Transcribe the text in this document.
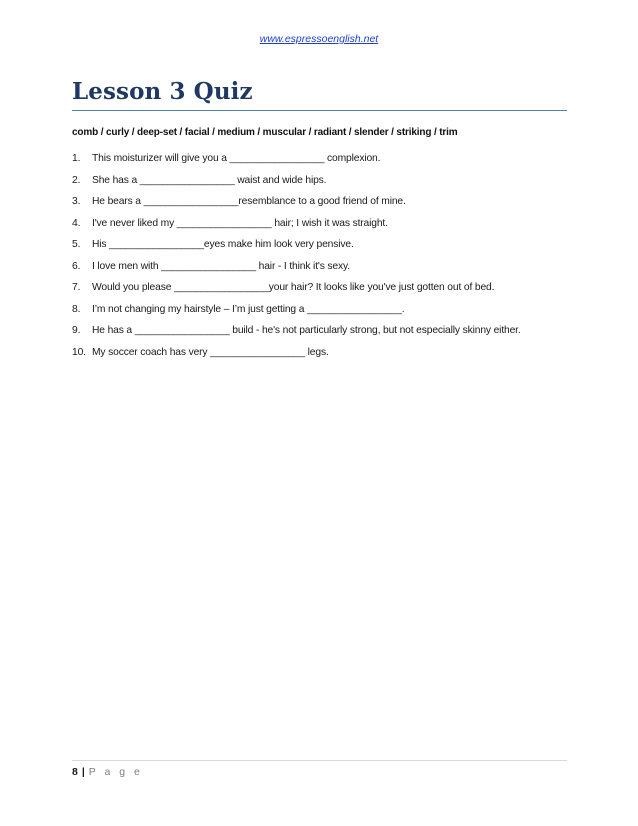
www.espressoenglish.net
Lesson 3 Quiz
comb / curly / deep-set / facial / medium / muscular / radiant / slender / striking / trim
1. This moisturizer will give you a _________________ complexion.
2. She has a _________________ waist and wide hips.
3. He bears a _________________resemblance to a good friend of mine.
4. I've never liked my _________________ hair; I wish it was straight.
5. His _________________eyes make him look very pensive.
6. I love men with _________________ hair - I think it's sexy.
7. Would you please _________________your hair? It looks like you've just gotten out of bed.
8. I’m not changing my hairstyle – I’m just getting a _________________.
9. He has a _________________ build - he's not particularly strong, but not especially skinny either.
10. My soccer coach has very _________________ legs.
8 | P a g e
